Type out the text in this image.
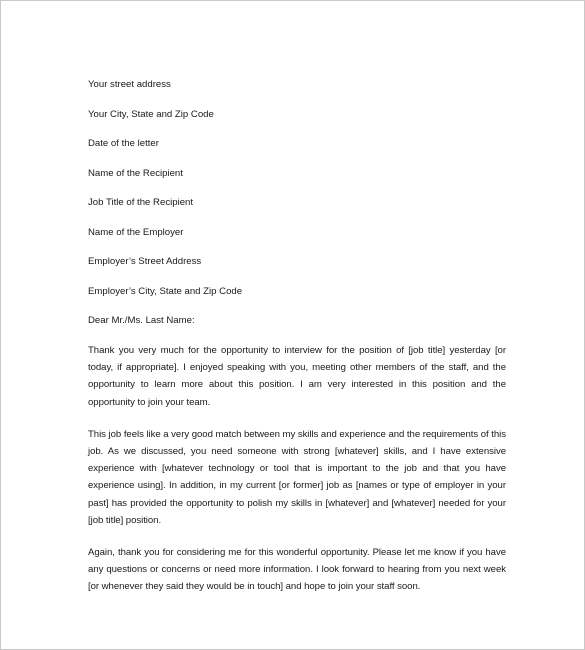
Your street address
Your City, State and Zip Code
Date of the letter
Name of the Recipient
Job Title of the Recipient
Name of the Employer
Employer’s Street Address
Employer’s City, State and Zip Code
Dear Mr./Ms. Last Name:

Thank you very much for the opportunity to interview for the position of [job title] yesterday [or today, if appropriate]. I enjoyed speaking with you, meeting other members of the staff, and the opportunity to learn more about this position. I am very interested in this position and the opportunity to join your team.

This job feels like a very good match between my skills and experience and the requirements of this job. As we discussed, you need someone with strong [whatever] skills, and I have extensive experience with [whatever technology or tool that is important to the job and that you have experience using]. In addition, in my current [or former] job as [names or type of employer in your past] has provided the opportunity to polish my skills in [whatever] and [whatever] needed for your [job title] position.

Again, thank you for considering me for this wonderful opportunity. Please let me know if you have any questions or concerns or need more information. I look forward to hearing from you next week [or whenever they said they would be in touch] and hope to join your staff soon.
